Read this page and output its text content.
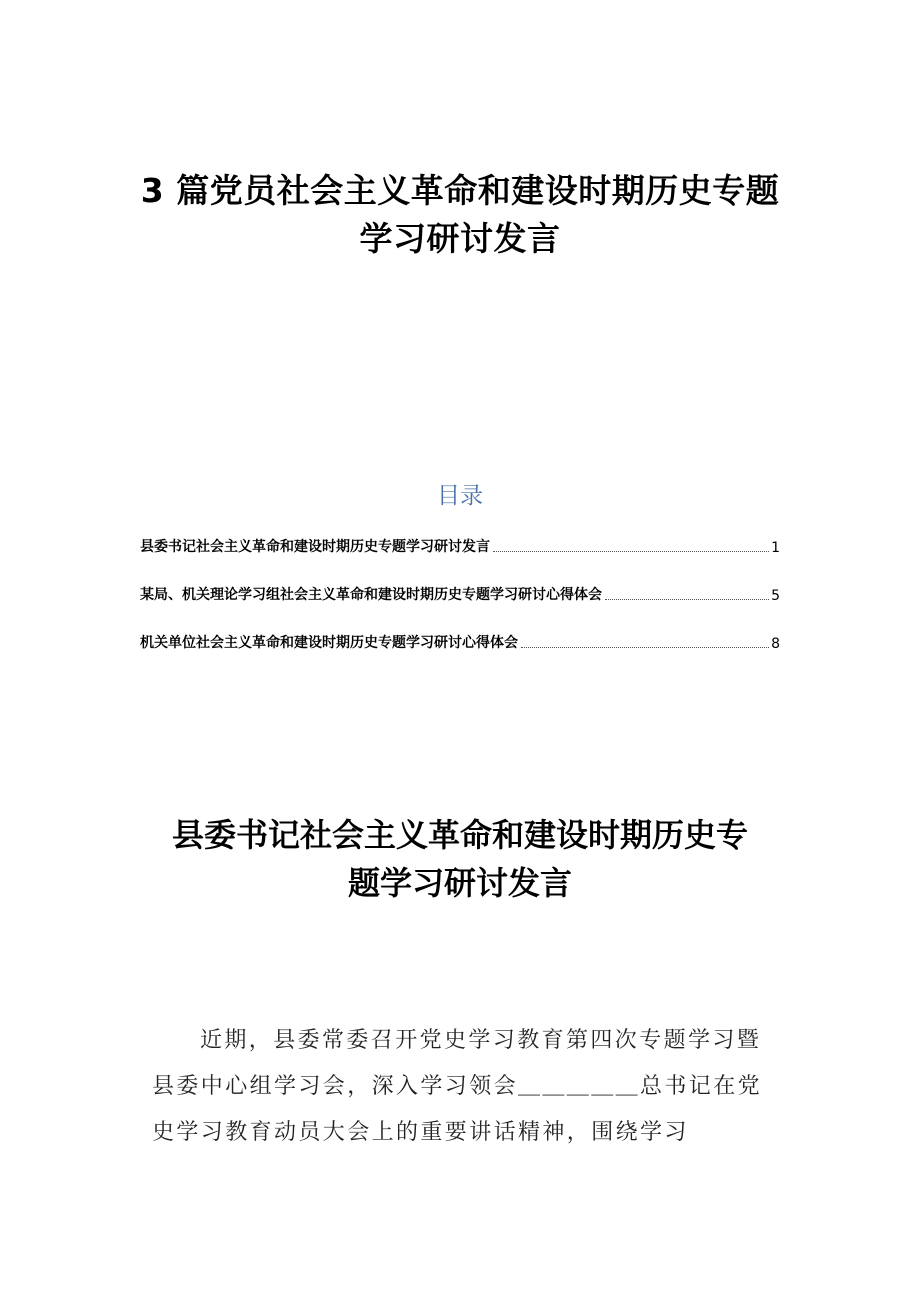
3 篇党员社会主义革命和建设时期历史专题
学习研讨发言
目录
县委书记社会主义革命和建设时期历史专题学习研讨发言	1
某局、机关理论学习组社会主义革命和建设时期历史专题学习研讨心得体会	5
机关单位社会主义革命和建设时期历史专题学习研讨心得体会	8
县委书记社会主义革命和建设时期历史专
题学习研讨发言

近期，县委常委召开党史学习教育第四次专题学习暨
县委中心组学习会，深入学习领会＿＿＿＿＿总书记在党
史学习教育动员大会上的重要讲话精神，围绕学习
